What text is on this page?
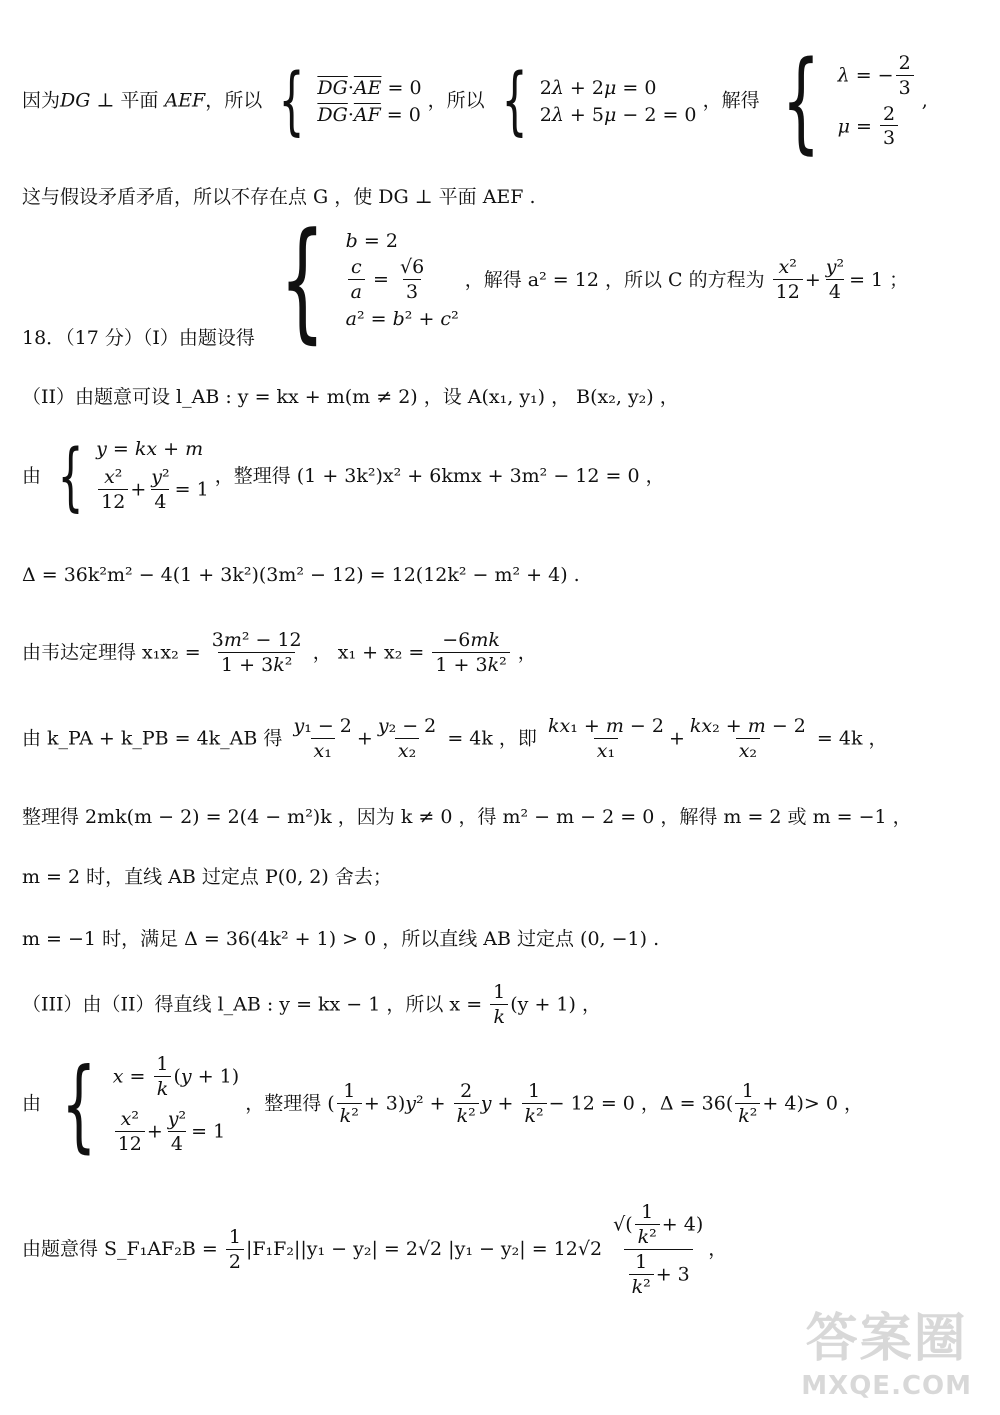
因为DG ⊥ 平面 AEF，所以 { $\overline{DG}\cdot\overline{AE} = 0$
$\overline{DG}\cdot\overline{AF} = 0$
，所以 { 2λ + 2μ = 0
2λ + 5μ − 2 = 0
，解得 { λ = − $\frac{2}{3}$
$\mu = \frac{2}{3}$
,
这与假设矛盾矛盾，所以不存在点 G ，使 DG ⊥ 平面 AEF .
18．（17 分）（I）由题设得 { b = 2
$\frac{c}{a} = \frac{√6}{3}$
a² = b² + c²
，解得 a² = 12 ，所以 C 的方程为 $\frac{\text{x²}}{12} + \frac{\text{y²}}{4} = 1$ ；
（II）由题意可设 l_AB : y = kx + m(m ≠ 2) ，设 A(x₁, y₁) ， B(x₂, y₂) ，
由 { y = kx + m
$\frac{\text{x²}}{12} + \frac{\text{y²}}{4} = 1$
，整理得 (1 + 3k²)x² + 6kmx + 3m² − 12 = 0 ，
Δ = 36k²m² − 4(1 + 3k²)(3m² − 12) = 12(12k² − m² + 4) .
由韦达定理得 $x_1x_2 = \frac{\text{3m² − 12}}{\text{1 + 3k²}}$ ， $x_1 + x_2 = \frac{-6mk}{\text{1 + 3k²}}$ ，
由 k_PA + k_PB = 4k_AB 得 $\frac{\text{y₁ − 2}}{\text{x₁}} + \frac{\text{y₂ − 2}}{\text{x₂}} = 4k$ ，即 $\frac{\text{kx₁ + m − 2}}{\text{x₁}} + \frac{\text{kx₂ + m − 2}}{\text{x₂}} = 4k$ ，
整理得 2mk(m − 2) = 2(4 − m²)k ，因为 k ≠ 0 ，得 m² − m − 2 = 0 ，解得 m = 2 或 m = −1 ，
m = 2 时，直线 AB 过定点 P(0, 2) 舍去；
m = −1 时，满足 Δ = 36(4k² + 1) > 0 ，所以直线 AB 过定点 (0, −1) .
（III）由（II）得直线 l_AB : y = kx − 1 ，所以 $x = \frac{1}{k} (y + 1)$ ，
由 { $x = \frac{1}{k} (y + 1)$
$\frac{\text{x²}}{12} + \frac{\text{y²}}{4} = 1$
，整理得 ( $\frac{1}{\text{k²}} + 3)y^2 + \frac{2}{\text{k²}}$ $y + \frac{1}{\text{k²}} - 12 = 0$ ，$\Delta = 36( \frac{1}{\text{k²}} + 4)> 0$ ，
由题意得 S_F₁AF₂B = $\frac{1}{2} |F_1F_2||y_1 - y_2| = 2√2$ $|y_1 - y_2| = 12√2 \frac{√( \frac{1}{\text{k²}} + 4)}{\frac{1}{\text{k²}} + 3}$ ，
答案圈
MXQE.COM
